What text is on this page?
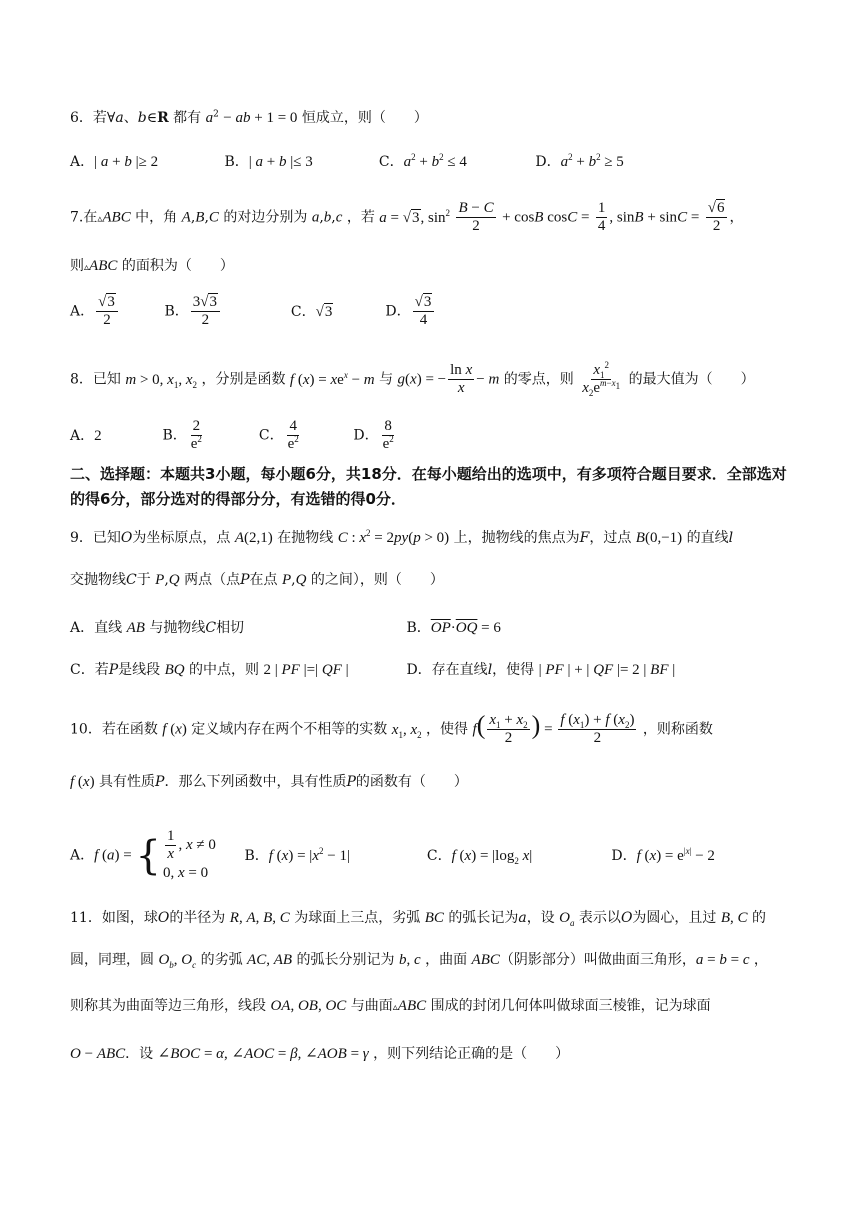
6．若∀a、b∈R 都有 $a^2$ − ab + 1 = 0 恒成立，则（　　）
A．| a + b |≥ 2	B．| a + b |≤ 3	C．$a^2 + b^2 \le 4$	D．$a^2 + b^2 \ge 5$
7.在▵ABC 中，角 A,B,C 的对边分别为 a,b,c ，若 a = √3, $\sin^2 \frac{B - C}{2} + \cos B$ $\cos C = \frac{1}{4}$ , $\sin B + \sin C = \frac{√6}{2}$ ，
则▵ABC 的面积为（　　）
A． $\frac{√3}{2}$	B． $\frac{3√3}{2}$	C．√3	D． $\frac{√3}{4}$
8．已知 m > 0, $x_1$, $x_2$ ，分别是函数 f $(x) = xe^x - m$ 与 g(x) = − $\frac{\text{ln x}}{x} - m$ 的零点，则 $\frac{x_1^2}{x_2e^{m-x_1}}$ 的最大值为（　　）
A．2	B． $\frac{2}{e^2}$	C． $\frac{4}{e^2}$	D． $\frac{8}{e^2}$
二、选择题：本题共3小题，每小题6分，共18分．在每小题给出的选项中，有多项符合题目要求．全部选对的得6分，部分选对的得部分分，有选错的得0分．
9．已知O为坐标原点，点 A(2,1) 在抛物线 C : $x^2 = 2py(p > 0)$ 上，抛物线的焦点为F，过点 B(0,−1) 的直线l
交抛物线C于 P,Q 两点（点P在点 P,Q 的之间），则（　　）
A．直线 AB 与抛物线C相切	B．$\overline{OP}\cdot\overline{OQ} = 6$
C．若P是线段 BQ 的中点，则 2 | PF |=| QF |	D．存在直线l，使得 | PF | + | QF |= 2 | BF |
10．若在函数 f (x) 定义域内存在两个不相等的实数 $x_1$, $x_2$ ，使得 $f( \frac{x_1 + x_2}{2}$ ) = $\frac{f (x_1) + f (x_2)}{2}$ ，则称函数
f (x) 具有性质P．那么下列函数中，具有性质P的函数有（　　）
A．f (a) = { $\frac{1}{x}$ , x ≠ 0
0, x = 0
B．f $(x) = |x^2 - 1|$	C．f $(x) = |\log_2$ x|	D．f $(x) = e^{|x|} - 2$
11．如图，球O的半径为 R, A, B, C 为球面上三点，劣弧 BC 的弧长记为a，设 $O_a$ 表示以O为圆心，且过 B, C 的
圆，同理，圆 $O_b$, $O_c$ 的劣弧 AC, AB 的弧长分别记为 b, c ，曲面 ABC（阴影部分）叫做曲面三角形，a = b = c ，
则称其为曲面等边三角形，线段 OA, OB, OC 与曲面▵ABC 围成的封闭几何体叫做球面三棱锥，记为球面
O − ABC．设 ∠BOC = α, ∠AOC = β, ∠AOB = γ ，则下列结论正确的是（　　）
